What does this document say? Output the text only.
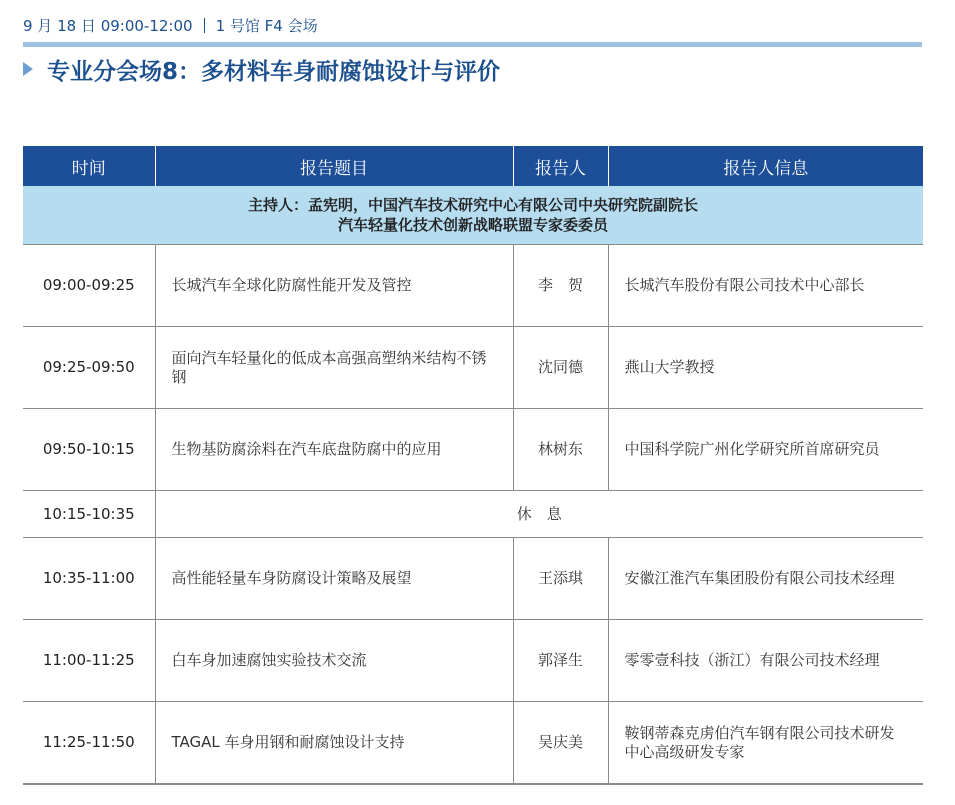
9 月 18 日 09:00-12:00 1 号馆 F4 会场
专业分会场8：多材料车身耐腐蚀设计与评价
时间	报告题目	报告人	报告人信息

主持人：孟宪明，中国汽车技术研究中心有限公司中央研究院副院长
汽车轻量化技术创新战略联盟专家委委员			

09:00-09:25	长城汽车全球化防腐性能开发及管控	李　贺	长城汽车股份有限公司技术中心部长
09:25-09:50	面向汽车轻量化的低成本高强高塑纳米结构不锈钢	沈同德	燕山大学教授
09:50-10:15	生物基防腐涂料在汽车底盘防腐中的应用	林树东	中国科学院广州化学研究所首席研究员
10:15-10:35	休　息		
10:35-11:00	高性能轻量车身防腐设计策略及展望	王添琪	安徽江淮汽车集团股份有限公司技术经理
11:00-11:25	白车身加速腐蚀实验技术交流	郭泽生	零零壹科技（浙江）有限公司技术经理
11:25-11:50	TAGAL 车身用钢和耐腐蚀设计支持	吴庆美	鞍钢蒂森克虏伯汽车钢有限公司技术研发中心高级研发专家
